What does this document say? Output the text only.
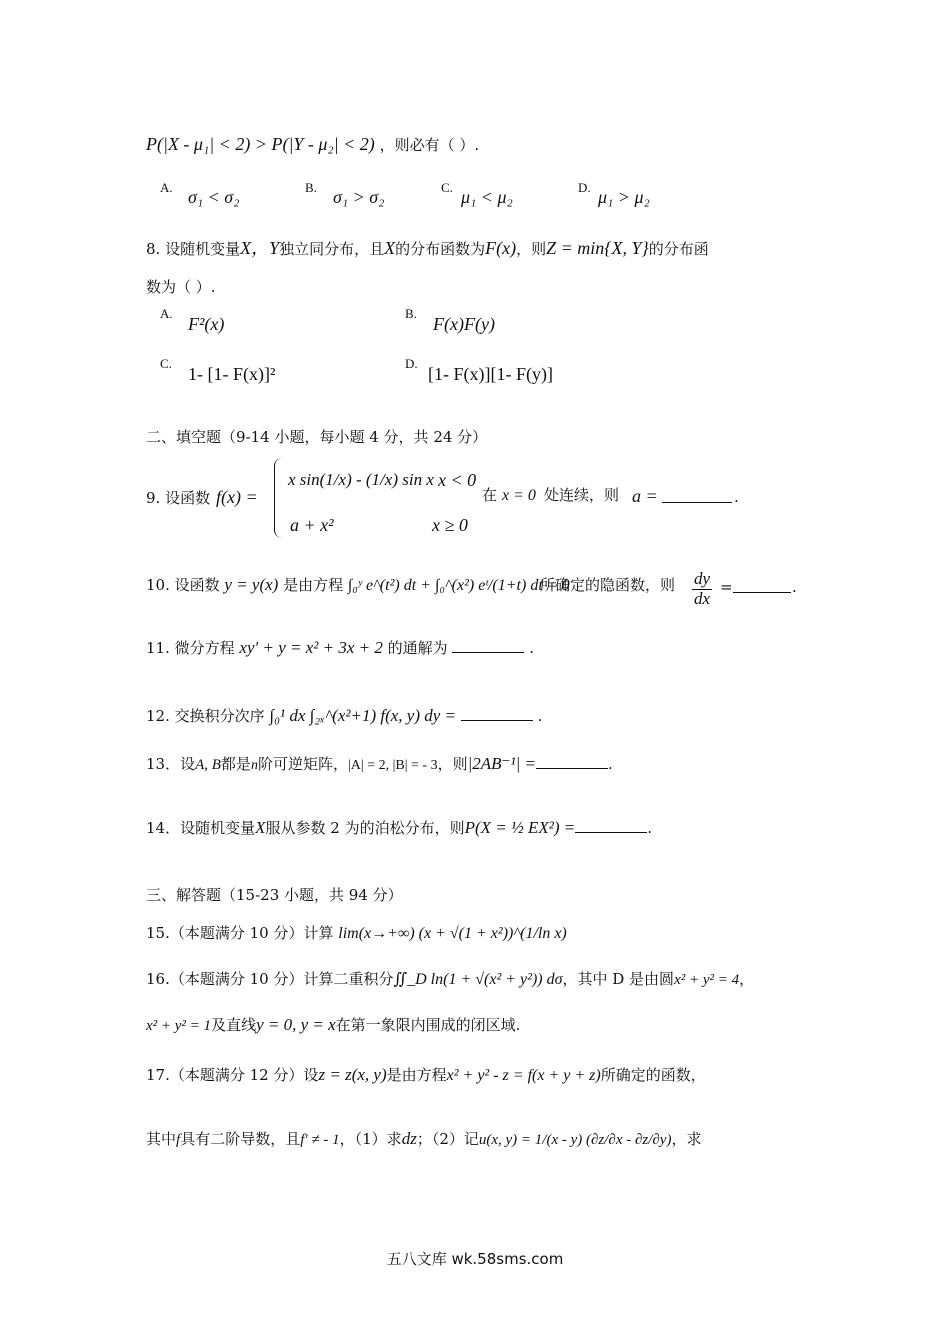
P(|X - μ₁| < 2) > P(|Y - μ₂| < 2) ，则必有（ ）.
A. σ₁ < σ₂	B. σ₁ > σ₂	C. μ₁ < μ₂	D. μ₁ > μ₂
8. 设随机变量X，Y独立同分布，且X的分布函数为F(x)，则Z = min{X, Y}的分布函
数为（ ）.
A.
F²(x)
B.
F(x)F(y)
C.
1- [1- F(x)]²
D.
[1- F(x)][1- F(y)]
二、填空题（9-14 小题，每小题 4 分，共 24 分）
9. 设函数 f(x) =
x sin(1/x) - (1/x) sin x x < 0
a + x²	x ≥ 0
在 x = 0 处连续，则 a =	.
10. 设函数 y = y(x) 是由方程 ∫₀ʸ e^(t²) dt + ∫₀^(x²) eᵗ/(1+t) dt = 0
所确定的隐函数，则 $\frac{dy}{dx}$ =	.
11. 微分方程 xy′ + y = x² + 3x + 2 的通解为	.
12. 交换积分次序 ∫₀¹ dx ∫₂ₓ^(x²+1) f(x, y) dy =	.
13．设A, B都是n阶可逆矩阵，|A| = 2, |B| = - 3，则|2AB⁻¹| =	.
14．设随机变量X服从参数 2 为的泊松分布，则P(X = ½ EX²) =	.
三、解答题（15-23 小题，共 94 分）
15.（本题满分 10 分）计算 lim(x→+∞) (x + √(1 + x²))^(1/ln x)
16.（本题满分 10 分）计算二重积分∬_D ln(1 + √(x² + y²)) dσ，其中 D 是由圆x² + y² = 4，
x² + y² = 1及直线y = 0, y = x在第一象限内围成的闭区域.
17.（本题满分 12 分）设z = z(x, y)是由方程x² + y² - z = f(x + y + z)所确定的函数，
其中f具有二阶导数，且f′ ≠ - 1，（1）求dz；（2）记u(x, y) = 1/(x - y) (∂z/∂x - ∂z/∂y)，求
五八文库 wk.58sms.com
